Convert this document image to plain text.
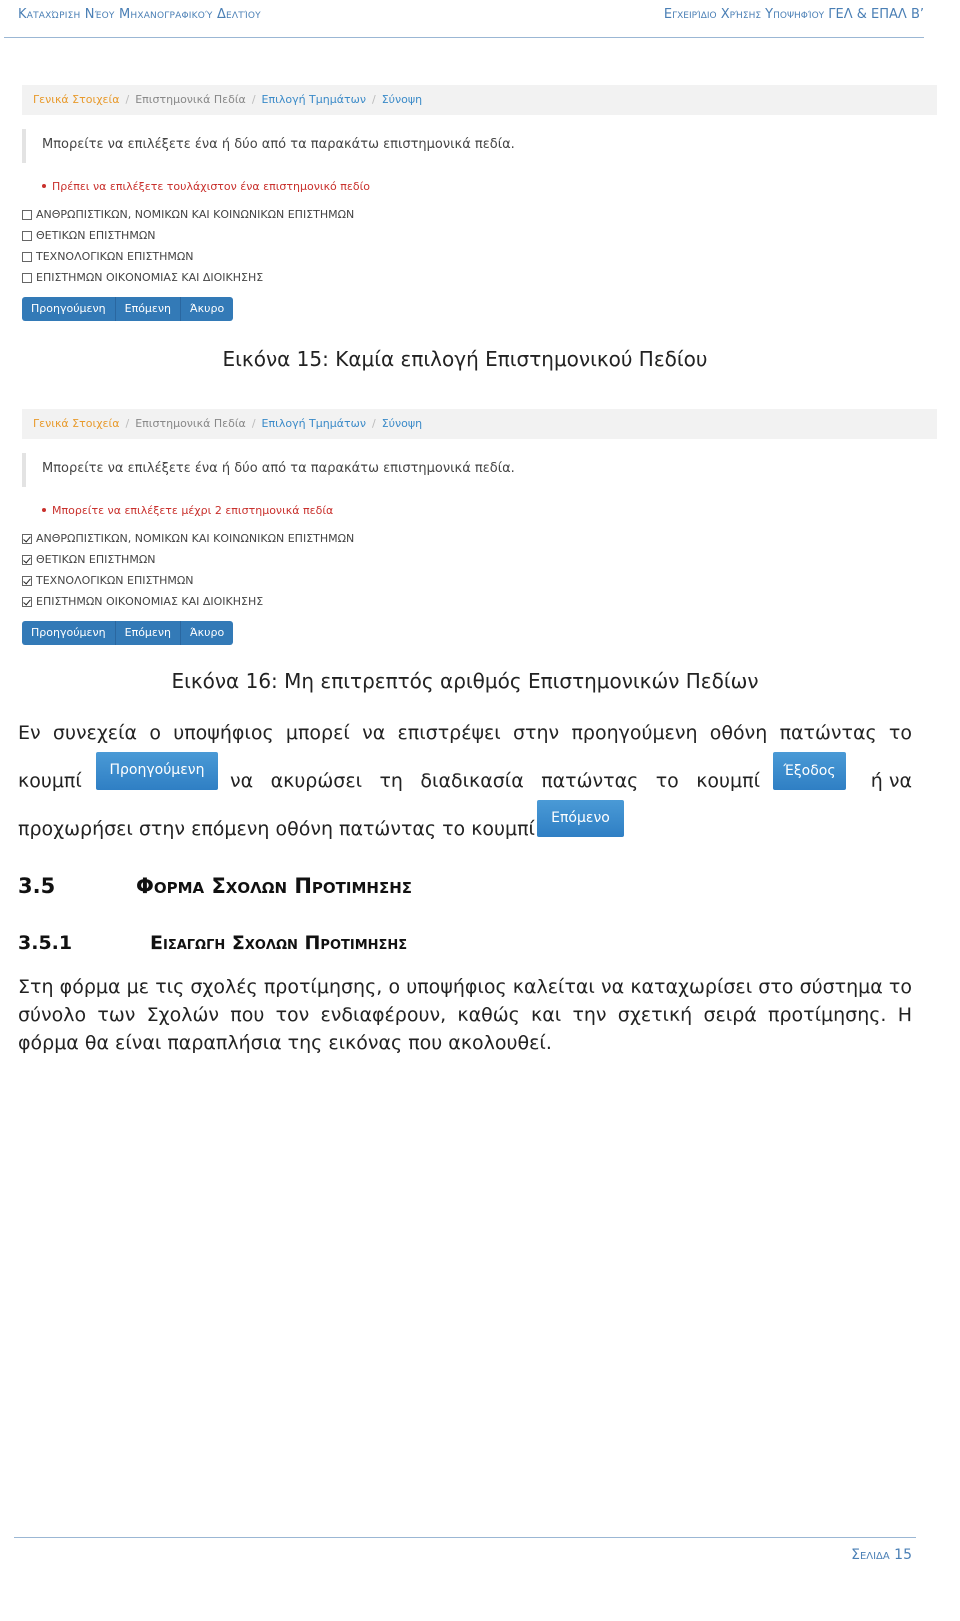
Καταχώριση Νέου Μηχανογραφικού Δελτίου	Εγχειρίδιο Χρήσης Υποψηφίου ΓΕΛ & ΕΠΑΛ Β’
Γενικά Στοιχεία / Επιστημονικά Πεδία / Επιλογή Τμημάτων / Σύνοψη
Μπορείτε να επιλέξετε ένα ή δύο από τα παρακάτω επιστημονικά πεδία.
Πρέπει να επιλέξετε τουλάχιστον ένα επιστημονικό πεδίο
ΑΝΘΡΩΠΙΣΤΙΚΩΝ, ΝΟΜΙΚΩΝ ΚΑΙ ΚΟΙΝΩΝΙΚΩΝ ΕΠΙΣΤΗΜΩΝ
ΘΕΤΙΚΩΝ ΕΠΙΣΤΗΜΩΝ
ΤΕΧΝΟΛΟΓΙΚΩΝ ΕΠΙΣΤΗΜΩΝ
ΕΠΙΣΤΗΜΩΝ ΟΙΚΟΝΟΜΙΑΣ ΚΑΙ ΔΙΟΙΚΗΣΗΣ
Προηγούμενη	Επόμενη	Άκυρο
Εικόνα 15: Καμία επιλογή Επιστημονικού Πεδίου
Γενικά Στοιχεία / Επιστημονικά Πεδία / Επιλογή Τμημάτων / Σύνοψη
Μπορείτε να επιλέξετε ένα ή δύο από τα παρακάτω επιστημονικά πεδία.
Μπορείτε να επιλέξετε μέχρι 2 επιστημονικά πεδία
ΑΝΘΡΩΠΙΣΤΙΚΩΝ, ΝΟΜΙΚΩΝ ΚΑΙ ΚΟΙΝΩΝΙΚΩΝ ΕΠΙΣΤΗΜΩΝ
ΘΕΤΙΚΩΝ ΕΠΙΣΤΗΜΩΝ
ΤΕΧΝΟΛΟΓΙΚΩΝ ΕΠΙΣΤΗΜΩΝ
ΕΠΙΣΤΗΜΩΝ ΟΙΚΟΝΟΜΙΑΣ ΚΑΙ ΔΙΟΙΚΗΣΗΣ
Προηγούμενη	Επόμενη	Άκυρο
Εικόνα 16: Μη επιτρεπτός αριθμός Επιστημονικών Πεδίων
Εν συνεχεία ο υποψήφιος μπορεί να επιστρέψει στην προηγούμενη οθόνη πατώντας το
κουμπί	να ακυρώσει τη διαδικασία πατώντας το κουμπί	ή να
Προηγούμενη	Έξοδος
προχωρήσει στην επόμενη οθόνη πατώντας το κουμπί	Επόμενο
3.5	Φορμα Σχολων Προτιμησης
3.5.1	Εισαγωγη Σχολων Προτιμησης
Στη φόρμα με τις σχολές προτίμησης, ο υποψήφιος καλείται να καταχωρίσει στο σύστημα το σύνολο των Σχολών που τον ενδιαφέρουν, καθώς και την σχετική σειρά προτίμησης. Η φόρμα θα είναι παραπλήσια της εικόνας που ακολουθεί.
Σελιδα 15
